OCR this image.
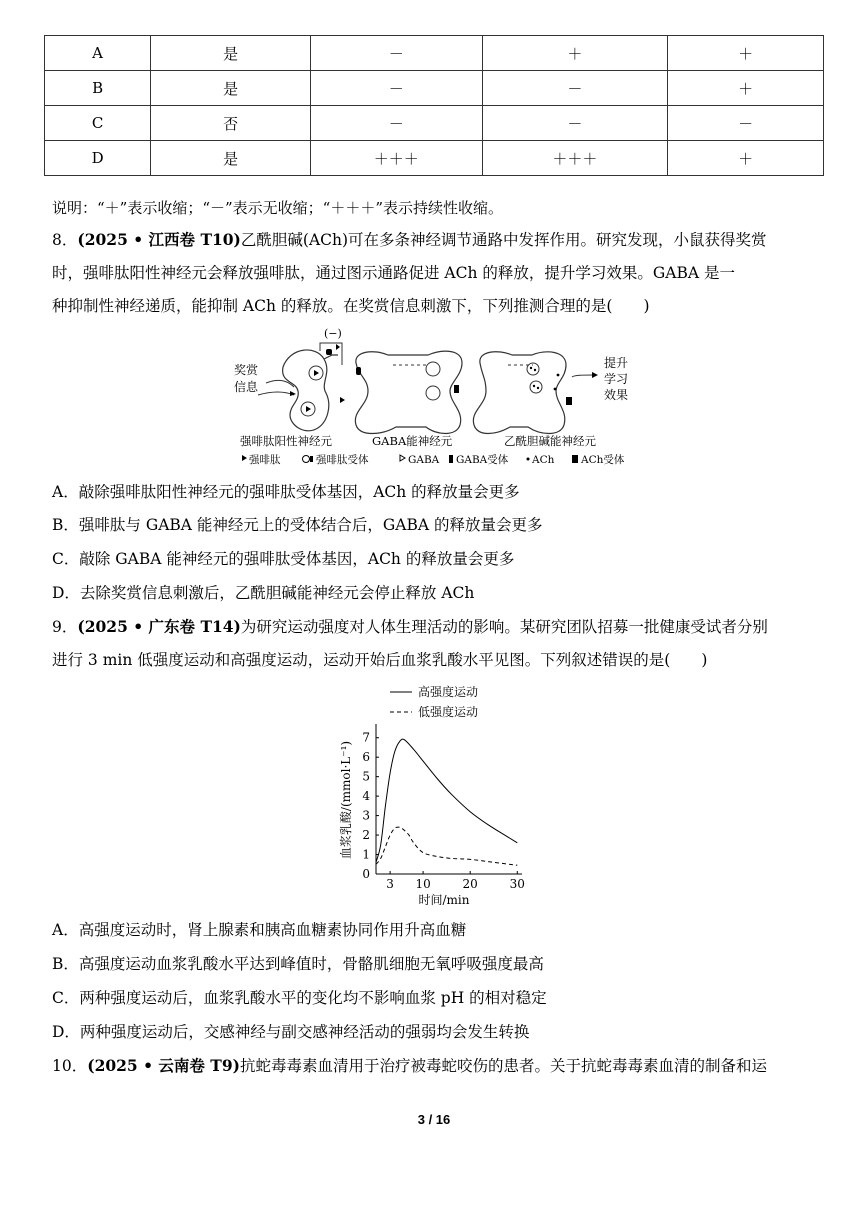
A	是	－	＋	＋
B	是	－	－	＋
C	否	－	－	－
D	是	＋＋＋	＋＋＋	＋
说明：“＋”表示收缩；“－”表示无收缩；“＋＋＋”表示持续性收缩。
8．(2025 • 江西卷 T10)乙酰胆碱(ACh)可在多条神经调节通路中发挥作用。研究发现，小鼠获得奖赏
时，强啡肽阳性神经元会释放强啡肽，通过图示通路促进 ACh 的释放，提升学习效果。GABA 是一
种抑制性神经递质，能抑制 ACh 的释放。在奖赏信息刺激下，下列推测合理的是(　　)
(−)
奖赏
信息
提升
学习
效果
强啡肽阳性神经元	GABA能神经元	乙酰胆碱能神经元
强啡肽	强啡肽受体	GABA GABA受体 ACh	ACh受体
A．敲除强啡肽阳性神经元的强啡肽受体基因，ACh 的释放量会更多
B．强啡肽与 GABA 能神经元上的受体结合后，GABA 的释放量会更多
C．敲除 GABA 能神经元的强啡肽受体基因，ACh 的释放量会更多
D．去除奖赏信息刺激后，乙酰胆碱能神经元会停止释放 ACh
9．(2025 • 广东卷 T14)为研究运动强度对人体生理活动的影响。某研究团队招募一批健康受试者分别
进行 3 min 低强度运动和高强度运动，运动开始后血浆乳酸水平见图。下列叙述错误的是(　　)
高强度运动
低强度运动
0
1
2
3
4
5
6
7
3 10	20	30
时间/min
血浆乳酸/(mmol·L⁻¹)
A．高强度运动时，肾上腺素和胰高血糖素协同作用升高血糖
B．高强度运动血浆乳酸水平达到峰值时，骨骼肌细胞无氧呼吸强度最高
C．两种强度运动后，血浆乳酸水平的变化均不影响血浆 pH 的相对稳定
D．两种强度运动后，交感神经与副交感神经活动的强弱均会发生转换
10．(2025 • 云南卷 T9)抗蛇毒毒素血清用于治疗被毒蛇咬伤的患者。关于抗蛇毒毒素血清的制备和运
3 / 16
